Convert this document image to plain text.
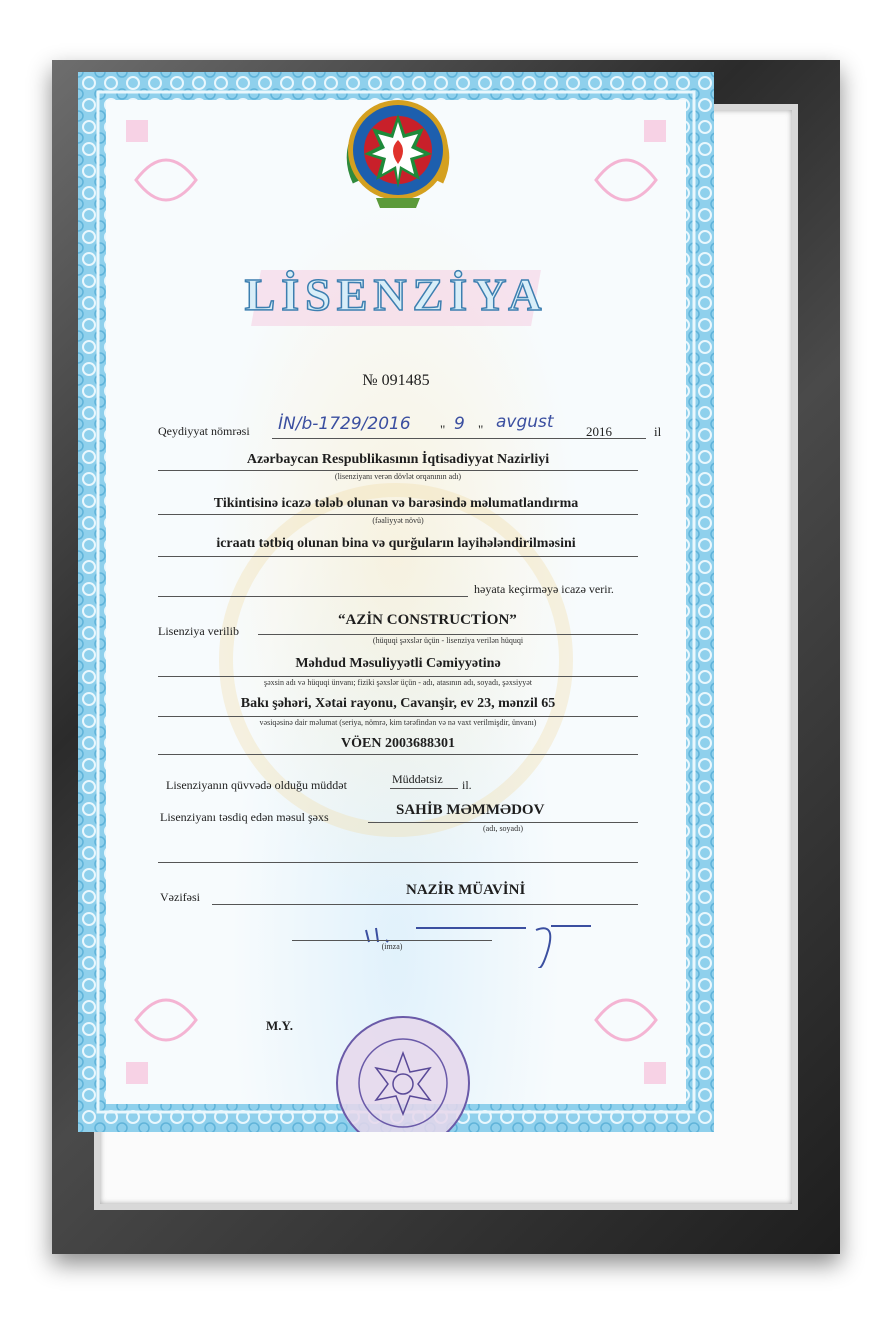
LİSENZİYA
№ 091485
Qeydiyyat nömrəsi İN/b-1729/2016 " 9 " avgust 2016	il
Azərbaycan Respublikasının İqtisadiyyat Nazirliyi
(lisenziyanı verən dövlət orqanının adı)
Tikintisinə icazə tələb olunan və barəsində məlumatlandırma
(fəaliyyət növü)
icraatı tətbiq olunan bina və qurğuların layihələndirilməsini
həyata keçirməyə icazə verir.
Lisenziya verilib
“AZİN CONSTRUCTİON”
(hüquqi şəxslər üçün - lisenziya verilən hüquqi
Məhdud Məsuliyyətli Cəmiyyətinə
şəxsin adı və hüquqi ünvanı; fiziki şəxslər üçün - adı, atasının adı, soyadı, şəxsiyyət
Bakı şəhəri, Xətai rayonu, Cavanşir, ev 23, mənzil 65
vəsiqəsinə dair məlumat (seriya, nömrə, kim tərəfindən və nə vaxt verilmişdir, ünvanı)
VÖEN 2003688301
Lisenziyanın qüvvədə olduğu müddət	Müddətsiz il.
Lisenziyanı təsdiq edən məsul şəxs	SAHİB MƏMMƏDOV
(adı, soyadı)
Vəzifəsi	NAZİR MÜAVİNİ
(imza)
M.Y.
